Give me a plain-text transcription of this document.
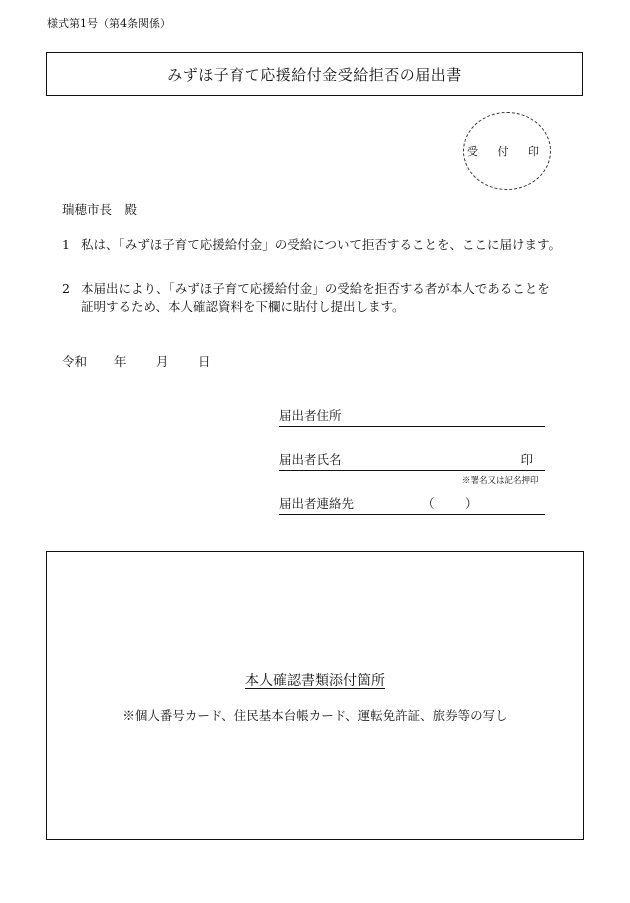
様式第1号（第4条関係）
みずほ子育て応援給付金受給拒否の届出書
受 付 印
瑞穂市長　殿
1 私は、「みずほ子育て応援給付金」の受給について拒否することを、ここに届けます。
2 本届出により、「みずほ子育て応援給付金」の受給を拒否する者が本人であることを証明するため、本人確認資料を下欄に貼付し提出します。
令和	年	月	日
届出者住所
届出者氏名	印
※署名又は記名押印
届出者連絡先	（ ）
本人確認書類添付箇所
※個人番号カード、住民基本台帳カード、運転免許証、旅券等の写し
